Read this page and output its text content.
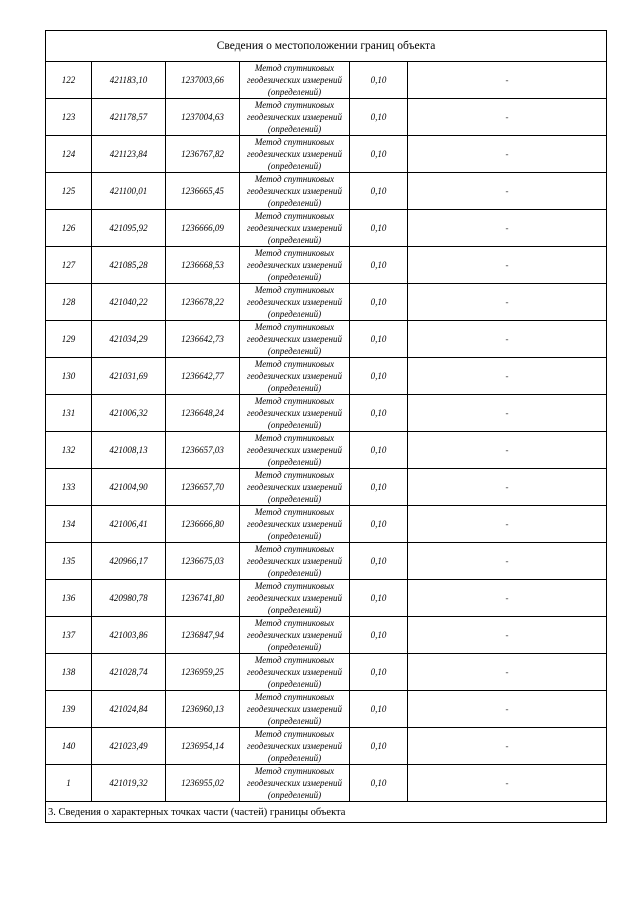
Сведения о местоположении границ объекта					
122	421183,10	1237003,66	Метод спутниковых
геодезических измерений
(определений)	0,10	-
123	421178,57	1237004,63	Метод спутниковых
геодезических измерений
(определений)	0,10	-
124	421123,84	1236767,82	Метод спутниковых
геодезических измерений
(определений)	0,10	-
125	421100,01	1236665,45	Метод спутниковых
геодезических измерений
(определений)	0,10	-
126	421095,92	1236666,09	Метод спутниковых
геодезических измерений
(определений)	0,10	-
127	421085,28	1236668,53	Метод спутниковых
геодезических измерений
(определений)	0,10	-
128	421040,22	1236678,22	Метод спутниковых
геодезических измерений
(определений)	0,10	-
129	421034,29	1236642,73	Метод спутниковых
геодезических измерений
(определений)	0,10	-
130	421031,69	1236642,77	Метод спутниковых
геодезических измерений
(определений)	0,10	-
131	421006,32	1236648,24	Метод спутниковых
геодезических измерений
(определений)	0,10	-
132	421008,13	1236657,03	Метод спутниковых
геодезических измерений
(определений)	0,10	-
133	421004,90	1236657,70	Метод спутниковых
геодезических измерений
(определений)	0,10	-
134	421006,41	1236666,80	Метод спутниковых
геодезических измерений
(определений)	0,10	-
135	420966,17	1236675,03	Метод спутниковых
геодезических измерений
(определений)	0,10	-
136	420980,78	1236741,80	Метод спутниковых
геодезических измерений
(определений)	0,10	-
137	421003,86	1236847,94	Метод спутниковых
геодезических измерений
(определений)	0,10	-
138	421028,74	1236959,25	Метод спутниковых
геодезических измерений
(определений)	0,10	-
139	421024,84	1236960,13	Метод спутниковых
геодезических измерений
(определений)	0,10	-
140	421023,49	1236954,14	Метод спутниковых
геодезических измерений
(определений)	0,10	-
1	421019,32	1236955,02	Метод спутниковых
геодезических измерений
(определений)	0,10	-
3. Сведения о характерных точках части (частей) границы объекта					
